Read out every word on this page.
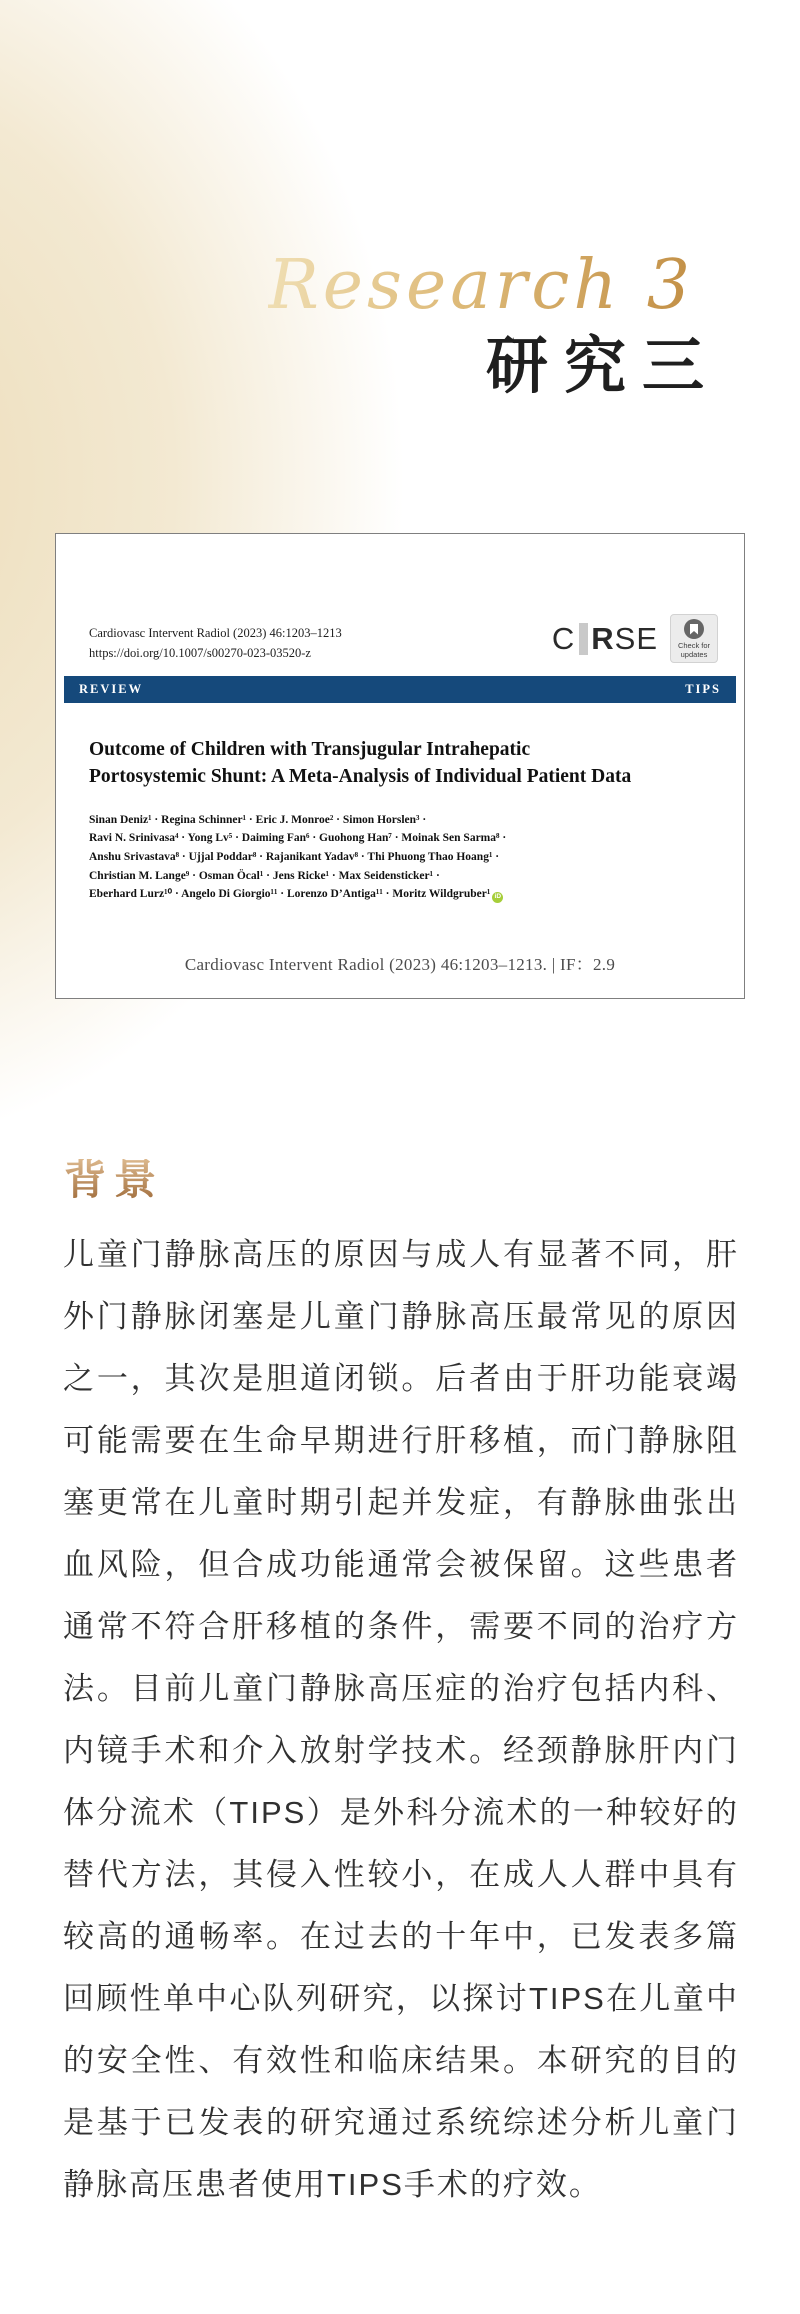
Research 3
研究三
Cardiovasc Intervent Radiol (2023) 46:1203–1213
https://doi.org/10.1007/s00270-023-03520-z	C R SE	Check for
updates
REVIEW	TIPS
Outcome of Children with Transjugular Intrahepatic
Portosystemic Shunt: A Meta-Analysis of Individual Patient Data
Sinan Deniz¹ · Regina Schinner¹ · Eric J. Monroe² · Simon Horslen³ ·
Ravi N. Srinivasa⁴ · Yong Lv⁵ · Daiming Fan⁶ · Guohong Han⁷ · Moinak Sen Sarma⁸ ·
Anshu Srivastava⁸ · Ujjal Poddar⁸ · Rajanikant Yadav⁸ · Thi Phuong Thao Hoang¹ ·
Christian M. Lange⁹ · Osman Öcal¹ · Jens Ricke¹ · Max Seidensticker¹ ·
Eberhard Lurz¹⁰ · Angelo Di Giorgio¹¹ · Lorenzo D’Antiga¹¹ · Moritz Wildgruber¹ iD
Cardiovasc Intervent Radiol (2023) 46:1203–1213. | IF：2.9
背景

儿童门静脉高压的原因与成人有显著不同，肝外门静脉闭塞是儿童门静脉高压最常见的原因之一，其次是胆道闭锁。后者由于肝功能衰竭可能需要在生命早期进行肝移植，而门静脉阻塞更常在儿童时期引起并发症，有静脉曲张出血风险，但合成功能通常会被保留。这些患者通常不符合肝移植的条件，需要不同的治疗方法。目前儿童门静脉高压症的治疗包括内科、内镜手术和介入放射学技术。经颈静脉肝内门体分流术（TIPS）是外科分流术的一种较好的替代方法，其侵入性较小，在成人人群中具有较高的通畅率。在过去的十年中，已发表多篇回顾性单中心队列研究，以探讨TIPS在儿童中的安全性、有效性和临床结果。本研究的目的是基于已发表的研究通过系统综述分析儿童门静脉高压患者使用TIPS手术的疗效。
